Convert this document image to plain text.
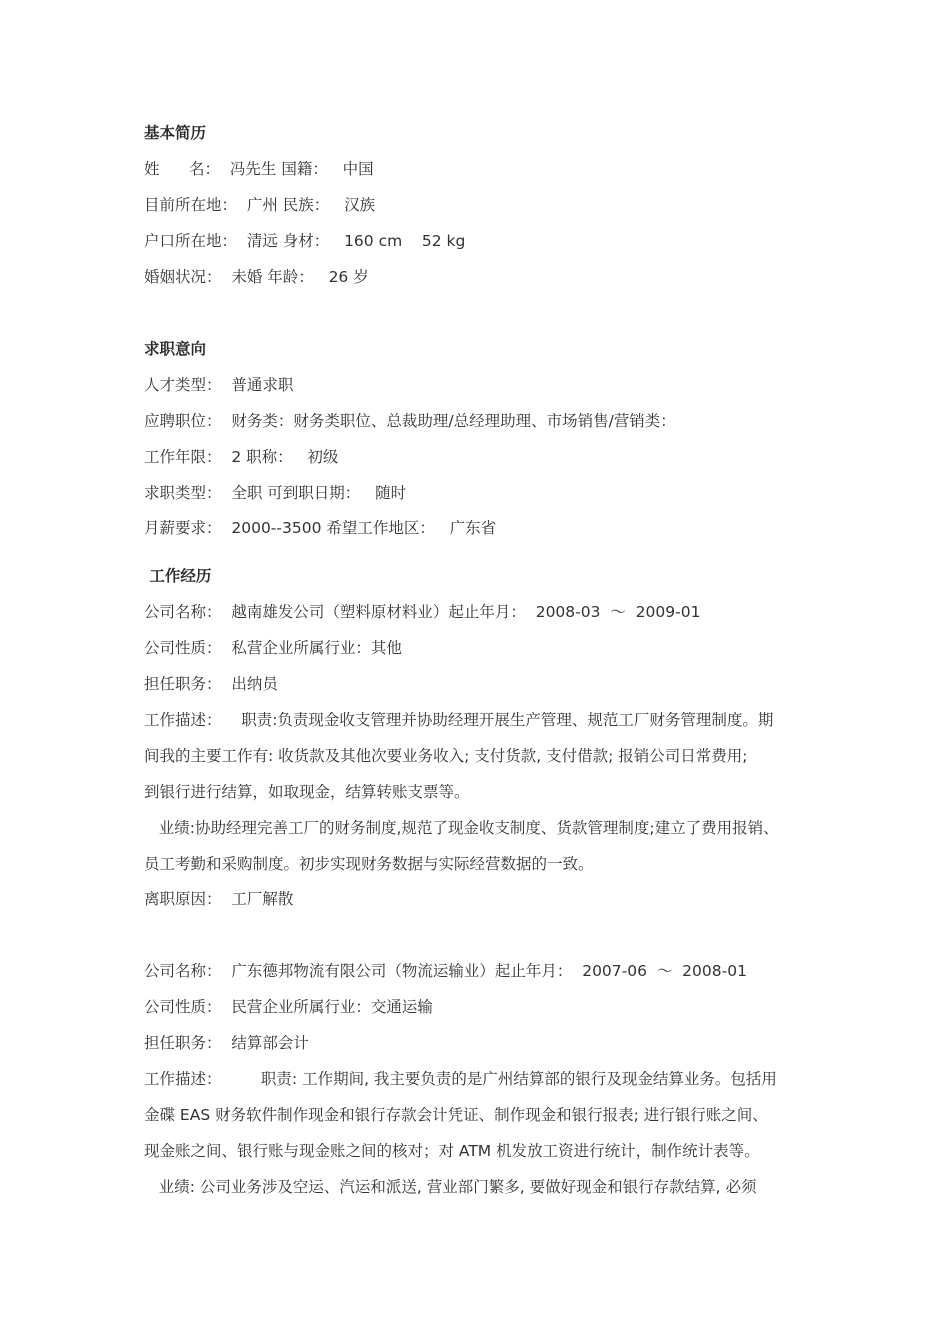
基本简历
姓      名：  冯先生 国籍：   中国
目前所在地：  广州 民族：   汉族
户口所在地：  清远 身材：   160 cm    52 kg
婚姻状况：  未婚 年龄：   26 岁
求职意向
人才类型：  普通求职
应聘职位：  财务类：财务类职位、总裁助理/总经理助理、市场销售/营销类：
工作年限：  2 职称：   初级
求职类型：  全职 可到职日期：   随时
月薪要求：  2000--3500 希望工作地区：   广东省
工作经历
公司名称：  越南雄发公司（塑料原材料业）起止年月：  2008-03  ～  2009-01
公司性质：  私营企业所属行业：其他
担任职务：  出纳员
工作描述：    职责:负责现金收支管理并协助经理开展生产管理、规范工厂财务管理制度。期
间我的主要工作有: 收货款及其他次要业务收入; 支付货款, 支付借款; 报销公司日常费用;
到银行进行结算，如取现金，结算转账支票等。
业绩:协助经理完善工厂的财务制度,规范了现金收支制度、货款管理制度;建立了费用报销、
员工考勤和采购制度。初步实现财务数据与实际经营数据的一致。
离职原因：  工厂解散
公司名称：  广东德邦物流有限公司（物流运输业）起止年月：  2007-06  ～  2008-01
公司性质：  民营企业所属行业：交通运输
担任职务：  结算部会计
工作描述：        职责: 工作期间, 我主要负责的是广州结算部的银行及现金结算业务。包括用
金碟 EAS 财务软件制作现金和银行存款会计凭证、制作现金和银行报表; 进行银行账之间、
现金账之间、银行账与现金账之间的核对；对 ATM 机发放工资进行统计，制作统计表等。
业绩: 公司业务涉及空运、汽运和派送, 营业部门繁多, 要做好现金和银行存款结算, 必须
